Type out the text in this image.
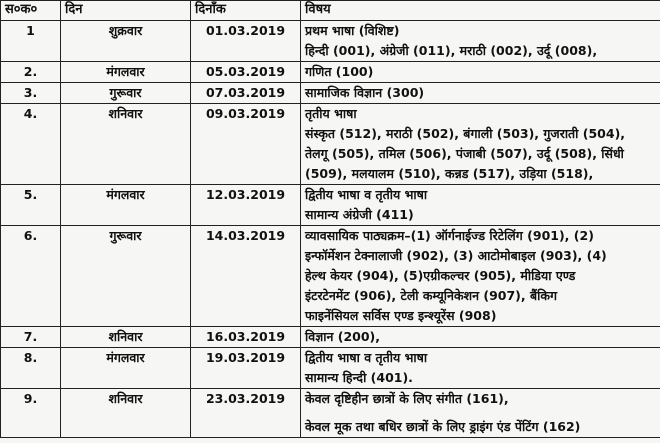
स०क०	दिन	दिनाँक	विषय
1	शुक्रवार	01.03.2019	प्रथम भाषा (विशिष्ट)
हिन्दी (001), अंग्रेजी (011), मराठी (002), उर्दू (008),

2.	मंगलवार	05.03.2019	गणित (100)

3.	गुरूवार	07.03.2019	सामाजिक विज्ञान (300)

4.	शनिवार	09.03.2019	तृतीय भाषा
संस्कृत (512), मराठी (502), बंगाली (503), गुजराती (504),
तेलगू (505), तमिल (506), पंजाबी (507), उर्दू (508), सिंधी
(509), मलयालम (510), कन्नड (517), उड़िया (518),

5.	मंगलवार	12.03.2019	द्वितीय भाषा व तृतीय भाषा
सामान्य अंग्रेजी (411)

6.	गुरूवार	14.03.2019	व्यावसायिक पाठ्यक्रम–(1) ऑर्गनाईज्ड रिटेलिंग (901), (2)
इन्फॉर्मेशन टेक्नालाजी (902), (3) आटोमोबाइल (903), (4)
हेल्थ केयर (904), (5)एग्रीकल्चर (905), मीडिया एण्ड
इंटरटेनमेंट (906), टेली कम्यूनिकेशन (907), बैंकिग
फाइनेंसियल सर्विस एण्ड इन्श्यूरेंस (908)

7.	शनिवार	16.03.2019	विज्ञान (200),

8.	मंगलवार	19.03.2019	द्वितीय भाषा व तृतीय भाषा
सामान्य हिन्दी (401).

9.	शनिवार	23.03.2019	केवल दृष्टिहीन छात्रों के लिए संगीत (161),
केवल मूक तथा बधिर छात्रों के लिए ड्राइंग एंड पेंटिंग (162)
